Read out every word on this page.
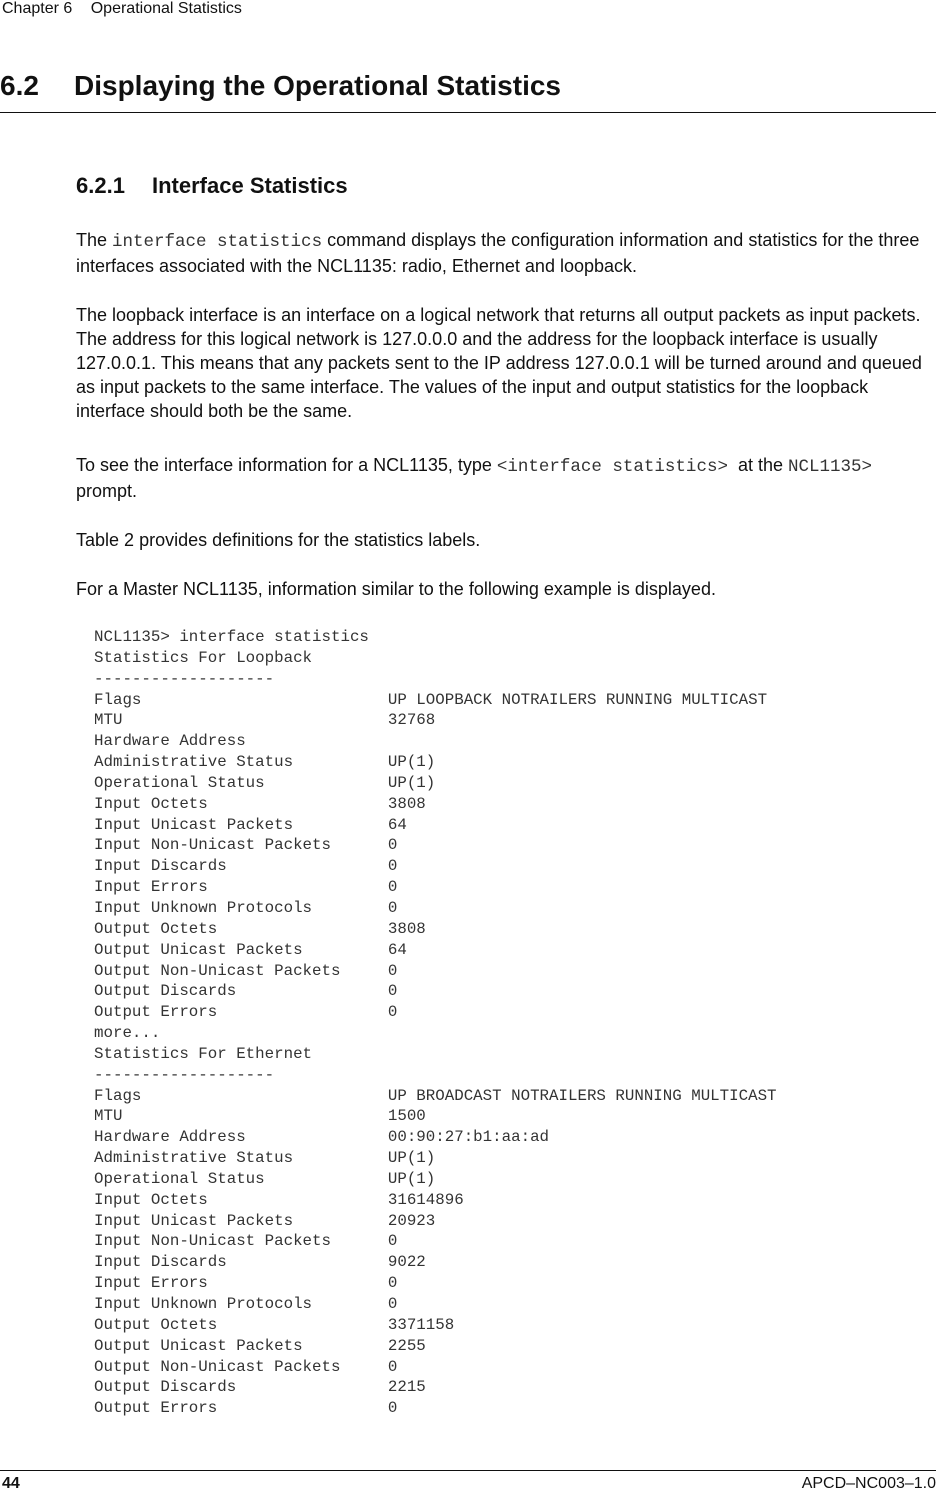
Chapter 6 Operational Statistics
6.2 Displaying the Operational Statistics
6.2.1 Interface Statistics
The interface statistics command displays the configuration information and statistics for the three interfaces associated with the NCL1135: radio, Ethernet and loopback.
The loopback interface is an interface on a logical network that returns all output packets as input packets. The address for this logical network is 127.0.0.0 and the address for the loopback interface is usually 127.0.0.1. This means that any packets sent to the IP address 127.0.0.1 will be turned around and queued as input packets to the same interface. The values of the input and output statistics for the loopback interface should both be the same.
To see the interface information for a NCL1135, type <interface statistics>  at the NCL1135> prompt.
Table 2 provides definitions for the statistics labels.
For a Master NCL1135, information similar to the following example is displayed.
NCL1135> interface statistics
Statistics For Loopback
-------------------
Flags                          UP LOOPBACK NOTRAILERS RUNNING MULTICAST
MTU                            32768
Hardware Address
Administrative Status          UP(1)
Operational Status             UP(1)
Input Octets                   3808
Input Unicast Packets          64
Input Non-Unicast Packets      0
Input Discards                 0
Input Errors                   0
Input Unknown Protocols        0
Output Octets                  3808
Output Unicast Packets         64
Output Non-Unicast Packets     0
Output Discards                0
Output Errors                  0
more...
Statistics For Ethernet
-------------------
Flags                          UP BROADCAST NOTRAILERS RUNNING MULTICAST
MTU                            1500
Hardware Address               00:90:27:b1:aa:ad
Administrative Status          UP(1)
Operational Status             UP(1)
Input Octets                   31614896
Input Unicast Packets          20923
Input Non-Unicast Packets      0
Input Discards                 9022
Input Errors                   0
Input Unknown Protocols        0
Output Octets                  3371158
Output Unicast Packets         2255
Output Non-Unicast Packets     0
Output Discards                2215
Output Errors                  0
44	APCD–NC003–1.0
